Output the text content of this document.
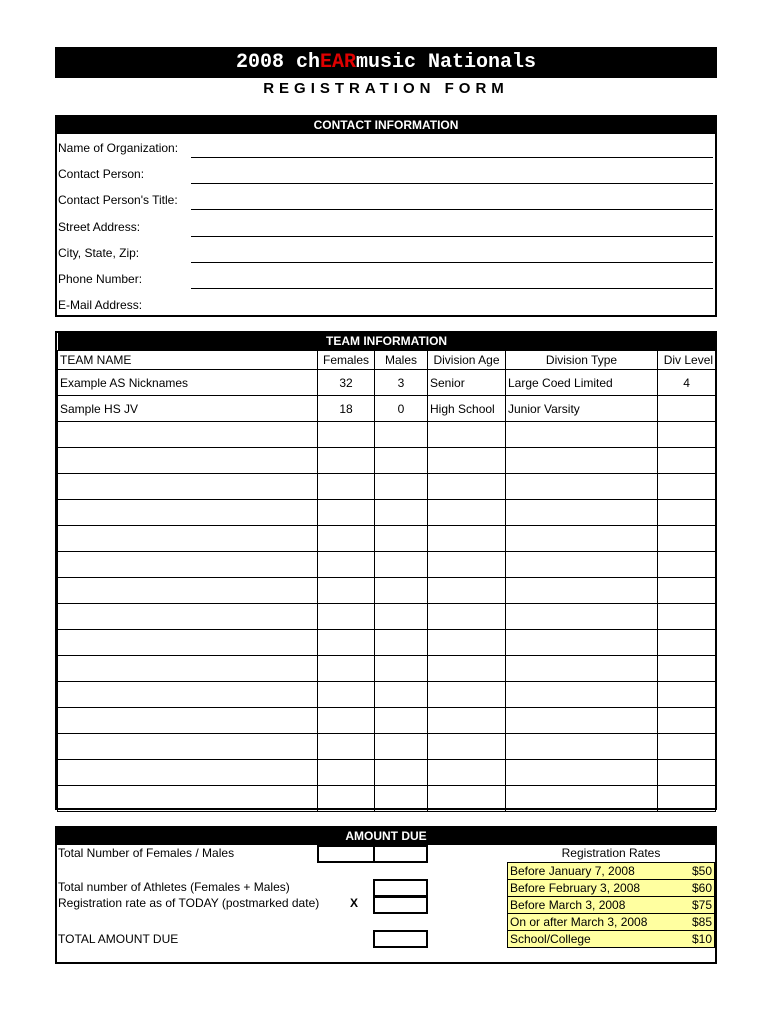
2008 chEARmusic Nationals
REGISTRATION FORM
CONTACT INFORMATION
Name of Organization:
Contact Person:
Contact Person's Title:
Street Address:
City, State, Zip:
Phone Number:
E-Mail Address:
TEAM INFORMATION					
TEAM NAME	Females	Males	Division Age	Division Type	Div Level
Example AS Nicknames	32	3	Senior	Large Coed Limited	4
Sample HS JV	18	0	High School	Junior Varsity	

AMOUNT DUE
Total Number of Females / Males
Total number of Athletes (Females + Males)
Registration rate as of TODAY (postmarked date)	X
TOTAL AMOUNT DUE
Registration Rates
Before January 7, 2008	$50
Before February 3, 2008	$60
Before March 3, 2008	$75
On or after March 3, 2008	$85
School/College	$10
